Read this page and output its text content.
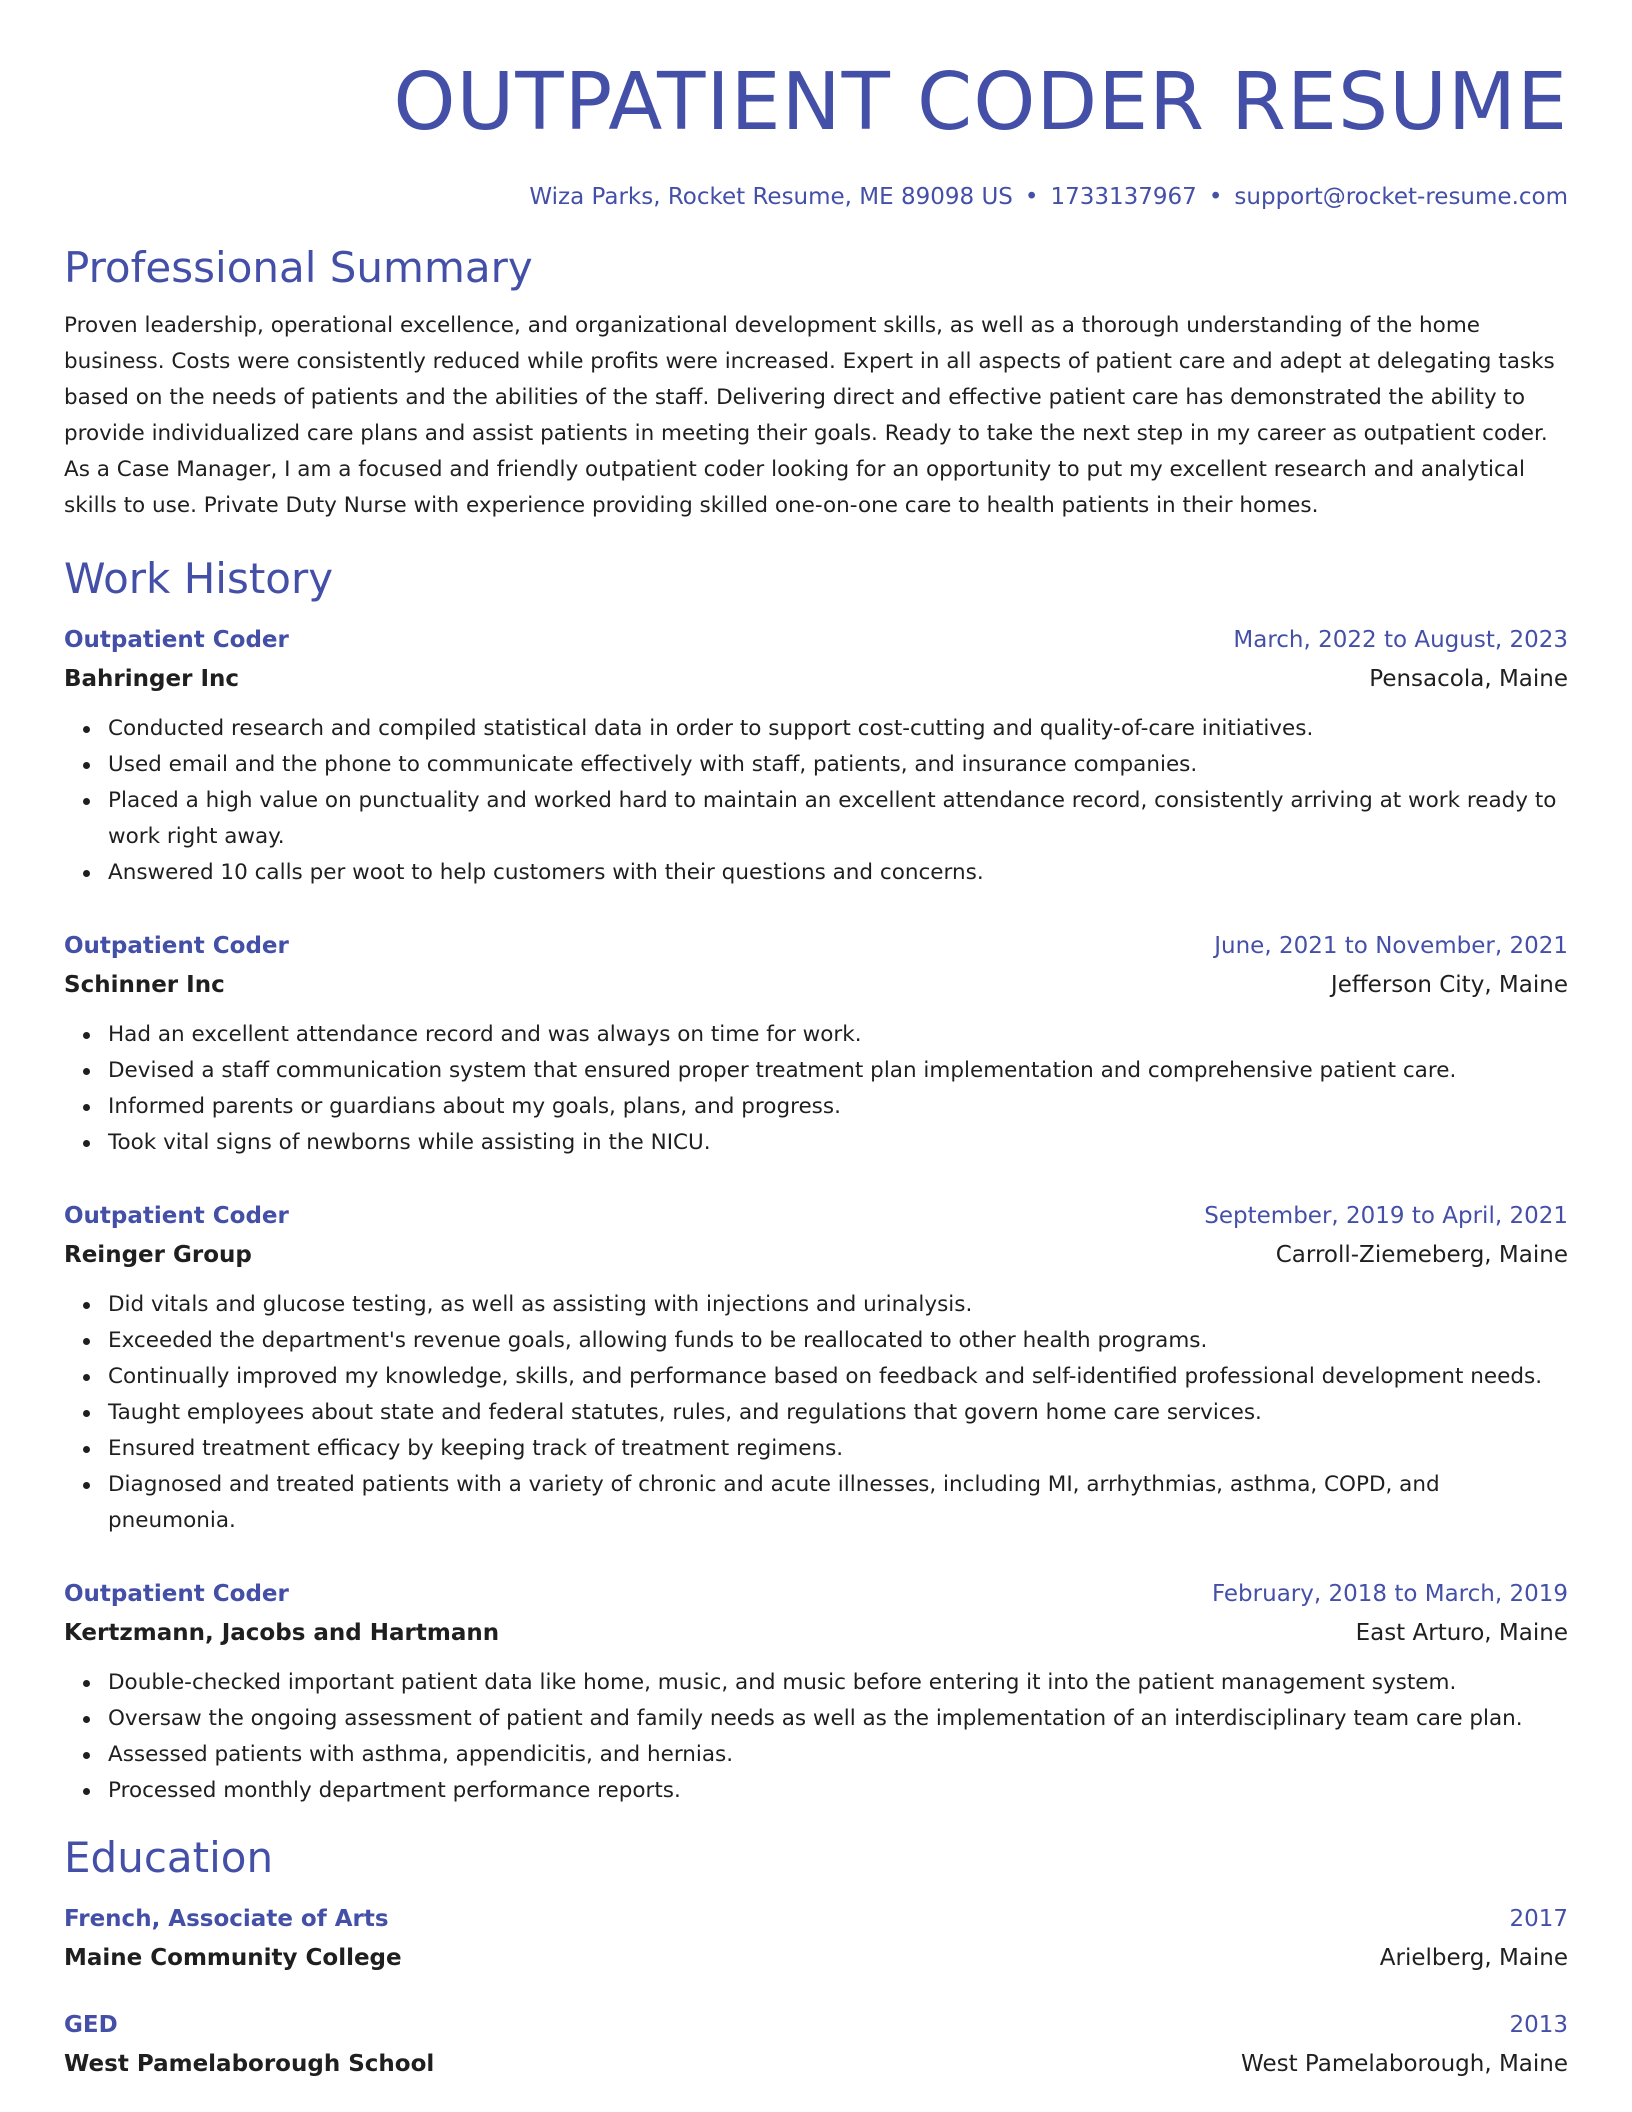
OUTPATIENT CODER RESUME
Wiza Parks, Rocket Resume, ME 89098 US • 1733137967 • support@rocket-resume.com
Professional Summary

Proven leadership, operational excellence, and organizational development skills, as well as a thorough understanding of the home business. Costs were consistently reduced while profits were increased. Expert in all aspects of patient care and adept at delegating tasks based on the needs of patients and the abilities of the staff. Delivering direct and effective patient care has demonstrated the ability to provide individualized care plans and assist patients in meeting their goals. Ready to take the next step in my career as outpatient coder. As a Case Manager, I am a focused and friendly outpatient coder looking for an opportunity to put my excellent research and analytical skills to use. Private Duty Nurse with experience providing skilled one-on-one care to health patients in their homes.

Work History
Outpatient Coder	March, 2022 to August, 2023
Bahringer Inc	Pensacola, Maine
Conducted research and compiled statistical data in order to support cost-cutting and quality-of-care initiatives.
Used email and the phone to communicate effectively with staff, patients, and insurance companies.
Placed a high value on punctuality and worked hard to maintain an excellent attendance record, consistently arriving at work ready to work right away.
Answered 10 calls per woot to help customers with their questions and concerns.
Outpatient Coder	June, 2021 to November, 2021
Schinner Inc	Jefferson City, Maine
Had an excellent attendance record and was always on time for work.
Devised a staff communication system that ensured proper treatment plan implementation and comprehensive patient care.
Informed parents or guardians about my goals, plans, and progress.
Took vital signs of newborns while assisting in the NICU.
Outpatient Coder	September, 2019 to April, 2021
Reinger Group	Carroll-Ziemeberg, Maine
Did vitals and glucose testing, as well as assisting with injections and urinalysis.
Exceeded the department's revenue goals, allowing funds to be reallocated to other health programs.
Continually improved my knowledge, skills, and performance based on feedback and self-identified professional development needs.
Taught employees about state and federal statutes, rules, and regulations that govern home care services.
Ensured treatment efficacy by keeping track of treatment regimens.
Diagnosed and treated patients with a variety of chronic and acute illnesses, including MI, arrhythmias, asthma, COPD, and pneumonia.
Outpatient Coder	February, 2018 to March, 2019
Kertzmann, Jacobs and Hartmann	East Arturo, Maine
Double-checked important patient data like home, music, and music before entering it into the patient management system.
Oversaw the ongoing assessment of patient and family needs as well as the implementation of an interdisciplinary team care plan.
Assessed patients with asthma, appendicitis, and hernias.
Processed monthly department performance reports.
Education
French, Associate of Arts	2017
Maine Community College	Arielberg, Maine
GED	2013
West Pamelaborough School	West Pamelaborough, Maine
